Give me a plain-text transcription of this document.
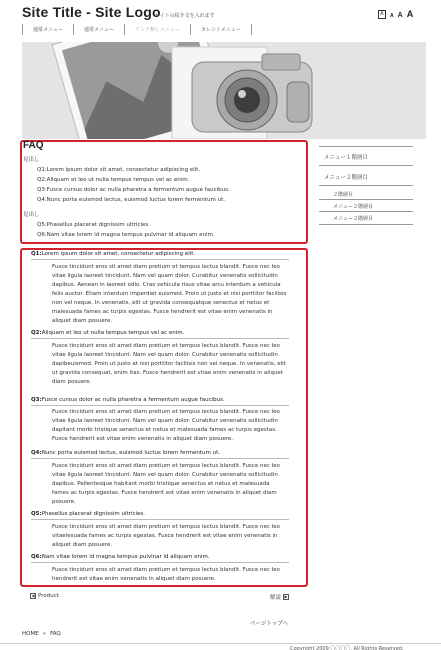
Site Title - Site Logo
サイトの紹介文を入れます	A	A A A
通常メニュー	通常メニュー	リンク無しメニュー	カレントメニュー
FAQ
見出し
Q1:Lorem ipsum dolor sit amet, consectetur adipiscing elit.
Q2:Aliquam et leo ut nulla tempus tempus vel ac enim.
Q3:Fusce cursus dolor ac nulla pharetra a fermentum augue faucibus.
Q4:Nunc porta euismod lectus, euismod luctus lorem fermentum ut.
見出し
Q5:Phasellus placerat dignissim ultricies.
Q6:Nam vitae lorem id magna tempus pulvinar id aliquam enim.
Q1:Lorem ipsum dolor sit amet, consectetur adipiscing elit.
Fusce tincidunt eros sit amet diam pretium et tempus lectus blandit. Fusce nec leo vitae ligula laoreet tincidunt. Nam vel quam dolor. Curabitur venenatis sollicitudin dapibus. Aenean in laoreet odio. Cras vehicula risus vitae arcu interdum a vehicula felis auctor. Etiam interdum imperdiet euismod. Proin ut justo et nisi porttitor facilisis non vel neque. In venenatis, elit ut gravida consequatque senectus et netus et malesuada fames ac turpis egestas. Fusce hendrerit est vitae enim venenatis in aliquet diam posuere.
Q2:Aliquam et leo ut nulla tempus tempus vel ac enim.
Fusce tincidunt eros sit amet diam pretium et tempus lectus blandit. Fusce nec leo vitae ligula laoreet tincidunt. Nam vel quam dolor. Curabitur venenatis sollicitudin dapibeuismod. Proin ut justo at nisi porttitor facilisis non vel neque. In venenatis, elit ut gravida consequat, enim itas. Fusce hendrerit est vitae enim venenatis in aliquet diam posuere.
Q3:Fusce cursus dolor ac nulla pharetra a fermentum augue faucibus.
Fusce tincidunt eros sit amet diam pretium et tempus lectus blandit. Fusce nec leo vitae ligula laoreet tincidunt. Nam vel quam dolor. Curabitur venenatis sollicitudin dapitant morbi tristique senectus et netus et malesuada fames ac turpis egestas. Fusce hendrerit est vitae enim venenatis in aliquet diam posuere.
Q4:Nunc porta euismod lectus, euismod luctus lorem fermentum ut.
Fusce tincidunt eros sit amet diam pretium et tempus lectus blandit. Fusce nec leo vitae ligula laoreet tincidunt. Nam vel quam dolor. Curabitur venenatis sollicitudin dapibus. Pellentesque habitant morbi tristique senectus et netus et malesuada fames ac turpis egestas. Fusce hendrerit est vitae enim venenatis in aliquet diam posuere.
Q5:Phasellus placerat dignissim ultricies.
Fusce tincidunt eros sit amet diam pretium et tempus lectus blandit. Fusce nec leo vitaelesuada fames ac turpis egestas. Fusce hendrerit est vitae enim venenatis in aliquet diam posuere.
Q6:Nam vitae lorem id magna tempus pulvinar id aliquam enim.
Fusce tincidunt eros sit amet diam pretium et tempus lectus blandit. Fusce nec leo hendrerit est vitae enim venenatis in aliquet diam posuere.
メニュー１階層目
メニュー２階層目
２階層目
メニュー２階層目
メニュー２階層目
◀ Product	解説 ▶
ページトップへ
HOME » FAQ
Copyright 2009 〇〇〇〇. All Rights Reserved.
